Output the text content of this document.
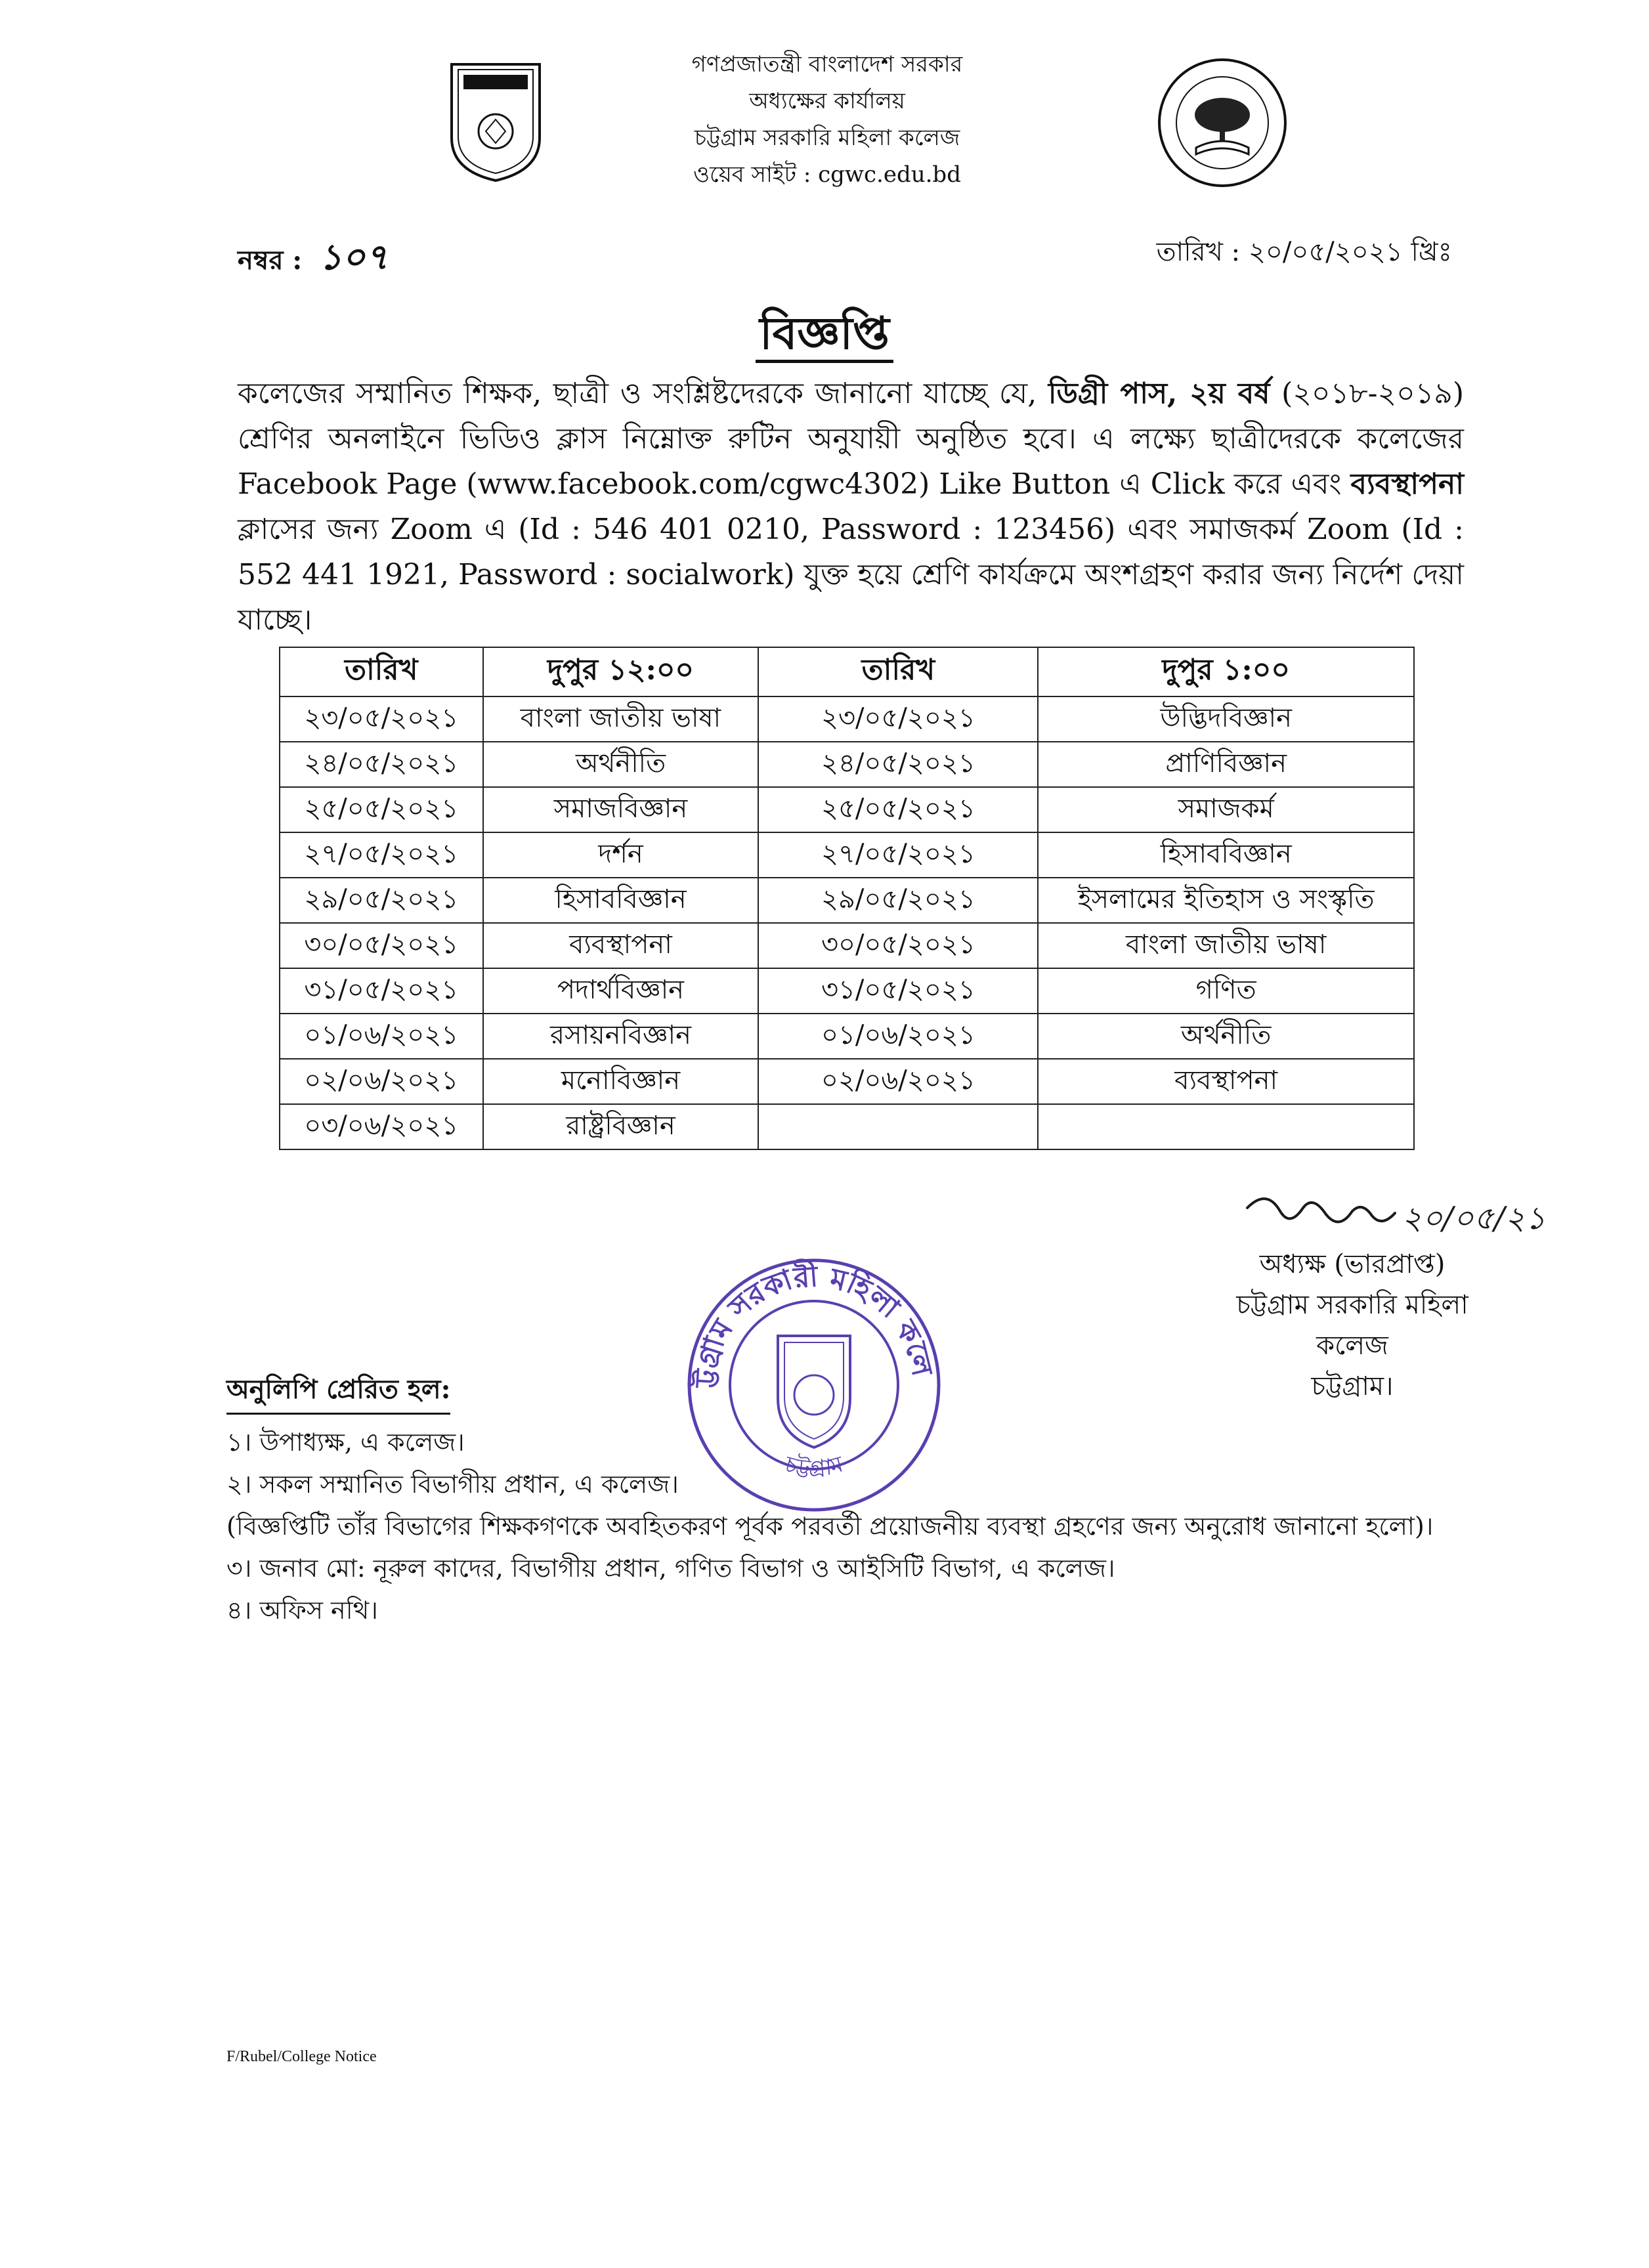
গণপ্রজাতন্ত্রী বাংলাদেশ সরকার
অধ্যক্ষের কার্যালয়
চট্টগ্রাম সরকারি মহিলা কলেজ
ওয়েব সাইট : cgwc.edu.bd
নম্বর : ১০৭	তারিখ : ২০/০৫/২০২১ খ্রিঃ
বিজ্ঞপ্তি
কলেজের সম্মানিত শিক্ষক, ছাত্রী ও সংশ্লিষ্টদেরকে জানানো যাচ্ছে যে, ডিগ্রী পাস, ২য় বর্ষ (২০১৮-২০১৯) শ্রেণির অনলাইনে ভিডিও ক্লাস নিম্নোক্ত রুটিন অনুযায়ী অনুষ্ঠিত হবে। এ লক্ষ্যে ছাত্রীদেরকে কলেজের Facebook Page (www.facebook.com/cgwc4302) Like Button এ Click করে এবং ব্যবস্থাপনা ক্লাসের জন্য Zoom এ (Id : 546 401 0210, Password : 123456) এবং সমাজকর্ম Zoom (Id : 552 441 1921, Password : socialwork) যুক্ত হয়ে শ্রেণি কার্যক্রমে অংশগ্রহণ করার জন্য নির্দেশ দেয়া যাচ্ছে।
তারিখ	দুপুর ১২:০০	তারিখ	দুপুর ১:০০
২৩/০৫/২০২১	বাংলা জাতীয় ভাষা	২৩/০৫/২০২১	উদ্ভিদবিজ্ঞান
২৪/০৫/২০২১	অর্থনীতি	২৪/০৫/২০২১	প্রাণিবিজ্ঞান
২৫/০৫/২০২১	সমাজবিজ্ঞান	২৫/০৫/২০২১	সমাজকর্ম
২৭/০৫/২০২১	দর্শন	২৭/০৫/২০২১	হিসাববিজ্ঞান
২৯/০৫/২০২১	হিসাববিজ্ঞান	২৯/০৫/২০২১	ইসলামের ইতিহাস ও সংস্কৃতি
৩০/০৫/২০২১	ব্যবস্থাপনা	৩০/০৫/২০২১	বাংলা জাতীয় ভাষা
৩১/০৫/২০২১	পদার্থবিজ্ঞান	৩১/০৫/২০২১	গণিত
০১/০৬/২০২১	রসায়নবিজ্ঞান	০১/০৬/২০২১	অর্থনীতি
০২/০৬/২০২১	মনোবিজ্ঞান	০২/০৬/২০২১	ব্যবস্থাপনা
০৩/০৬/২০২১	রাষ্ট্রবিজ্ঞান		
২০/০৫/২১
অধ্যক্ষ (ভারপ্রাপ্ত)
চট্টগ্রাম সরকারি মহিলা কলেজ
চট্টগ্রাম।
ট্টগ্রাম সরকারী মহিলা কলে
চট্টগ্রাম
অনুলিপি প্রেরিত হল:
১। উপাধ্যক্ষ, এ কলেজ।
২। সকল সম্মানিত বিভাগীয় প্রধান, এ কলেজ।
(বিজ্ঞপ্তিটি তাঁর বিভাগের শিক্ষকগণকে অবহিতকরণ পূর্বক পরবর্তী প্রয়োজনীয় ব্যবস্থা গ্রহণের জন্য অনুরোধ জানানো হলো)।
৩। জনাব মো: নূরুল কাদের, বিভাগীয় প্রধান, গণিত বিভাগ ও আইসিটি বিভাগ, এ কলেজ।
৪। অফিস নথি।
F/Rubel/College Notice
